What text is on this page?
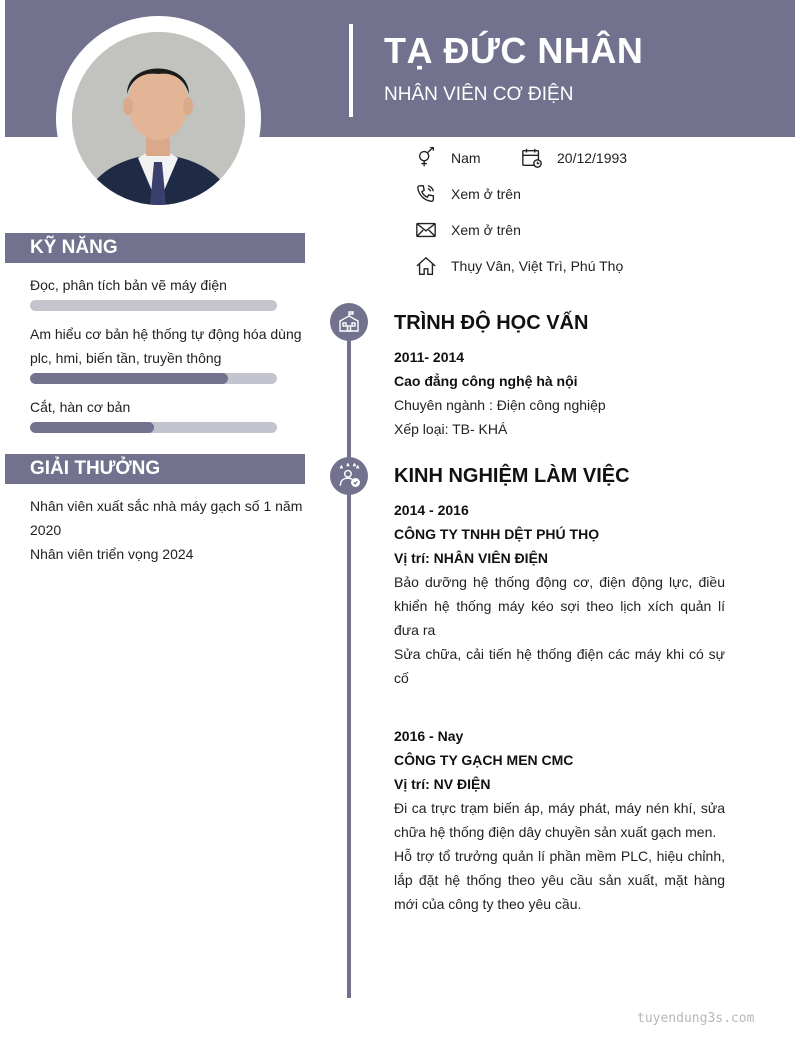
TẠ ĐỨC NHÂN
NHÂN VIÊN CƠ ĐIỆN
Nam	20/12/1993
Xem ở trên
Xem ở trên
Thụy Vân, Việt Trì, Phú Thọ
KỸ NĂNG
Đọc, phân tích bản vẽ máy điện
Am hiểu cơ bản hệ thống tự động hóa dùng plc, hmi, biến tần, truyền thông
Cắt, hàn cơ bản
GIẢI THƯỞNG
Nhân viên xuất sắc nhà máy gạch số 1 năm 2020
Nhân viên triển vọng 2024
TRÌNH ĐỘ HỌC VẤN
2011- 2014
Cao đẳng công nghệ hà nội
Chuyên ngành : Điện công nghiệp
Xếp loại: TB- KHÁ
KINH NGHIỆM LÀM VIỆC
2014 - 2016
CÔNG TY TNHH DỆT PHÚ THỌ
Vị trí: NHÂN VIÊN ĐIỆN
Bảo dưỡng hệ thống động cơ, điện động lực, điều khiển hệ thống máy kéo sợi theo lịch xích quản lí đưa ra
Sửa chữa, cải tiến hệ thống điện các máy khi có sự cố
2016 - Nay
CÔNG TY GẠCH MEN CMC
Vị trí: NV ĐIỆN
Đi ca trực trạm biến áp, máy phát, máy nén khí, sửa chữa hệ thống điện dây chuyền sản xuất gạch men.
Hỗ trợ tổ trưởng quản lí phần mềm PLC, hiệu chỉnh, lắp đặt hệ thống theo yêu cầu sản xuất, mặt hàng mới của công ty theo yêu cầu.
tuyendung3s.com
